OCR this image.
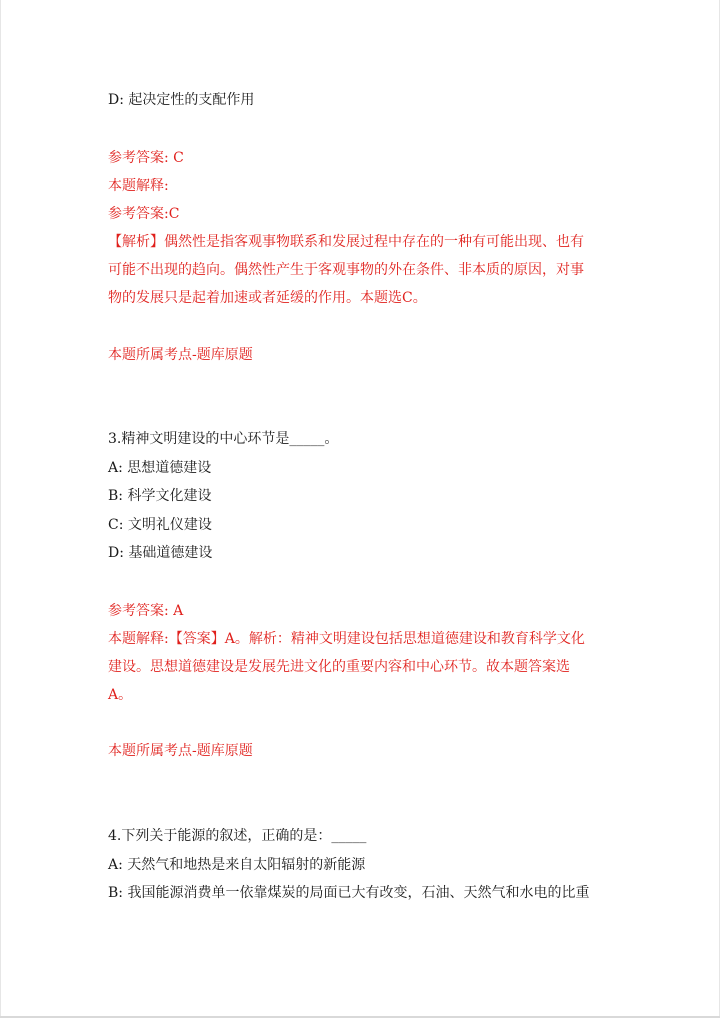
D: 起决定性的支配作用
参考答案: C
本题解释:
参考答案:C
【解析】偶然性是指客观事物联系和发展过程中存在的一种有可能出现、也有
可能不出现的趋向。偶然性产生于客观事物的外在条件、非本质的原因，对事
物的发展只是起着加速或者延缓的作用。本题选C。
本题所属考点-题库原题
3.精神文明建设的中心环节是_____。
A: 思想道德建设
B: 科学文化建设
C: 文明礼仪建设
D: 基础道德建设
参考答案: A
本题解释:【答案】A。解析：精神文明建设包括思想道德建设和教育科学文化
建设。思想道德建设是发展先进文化的重要内容和中心环节。故本题答案选
A。
本题所属考点-题库原题
4.下列关于能源的叙述，正确的是：_____
A: 天然气和地热是来自太阳辐射的新能源
B: 我国能源消费单一依靠煤炭的局面已大有改变，石油、天然气和水电的比重
